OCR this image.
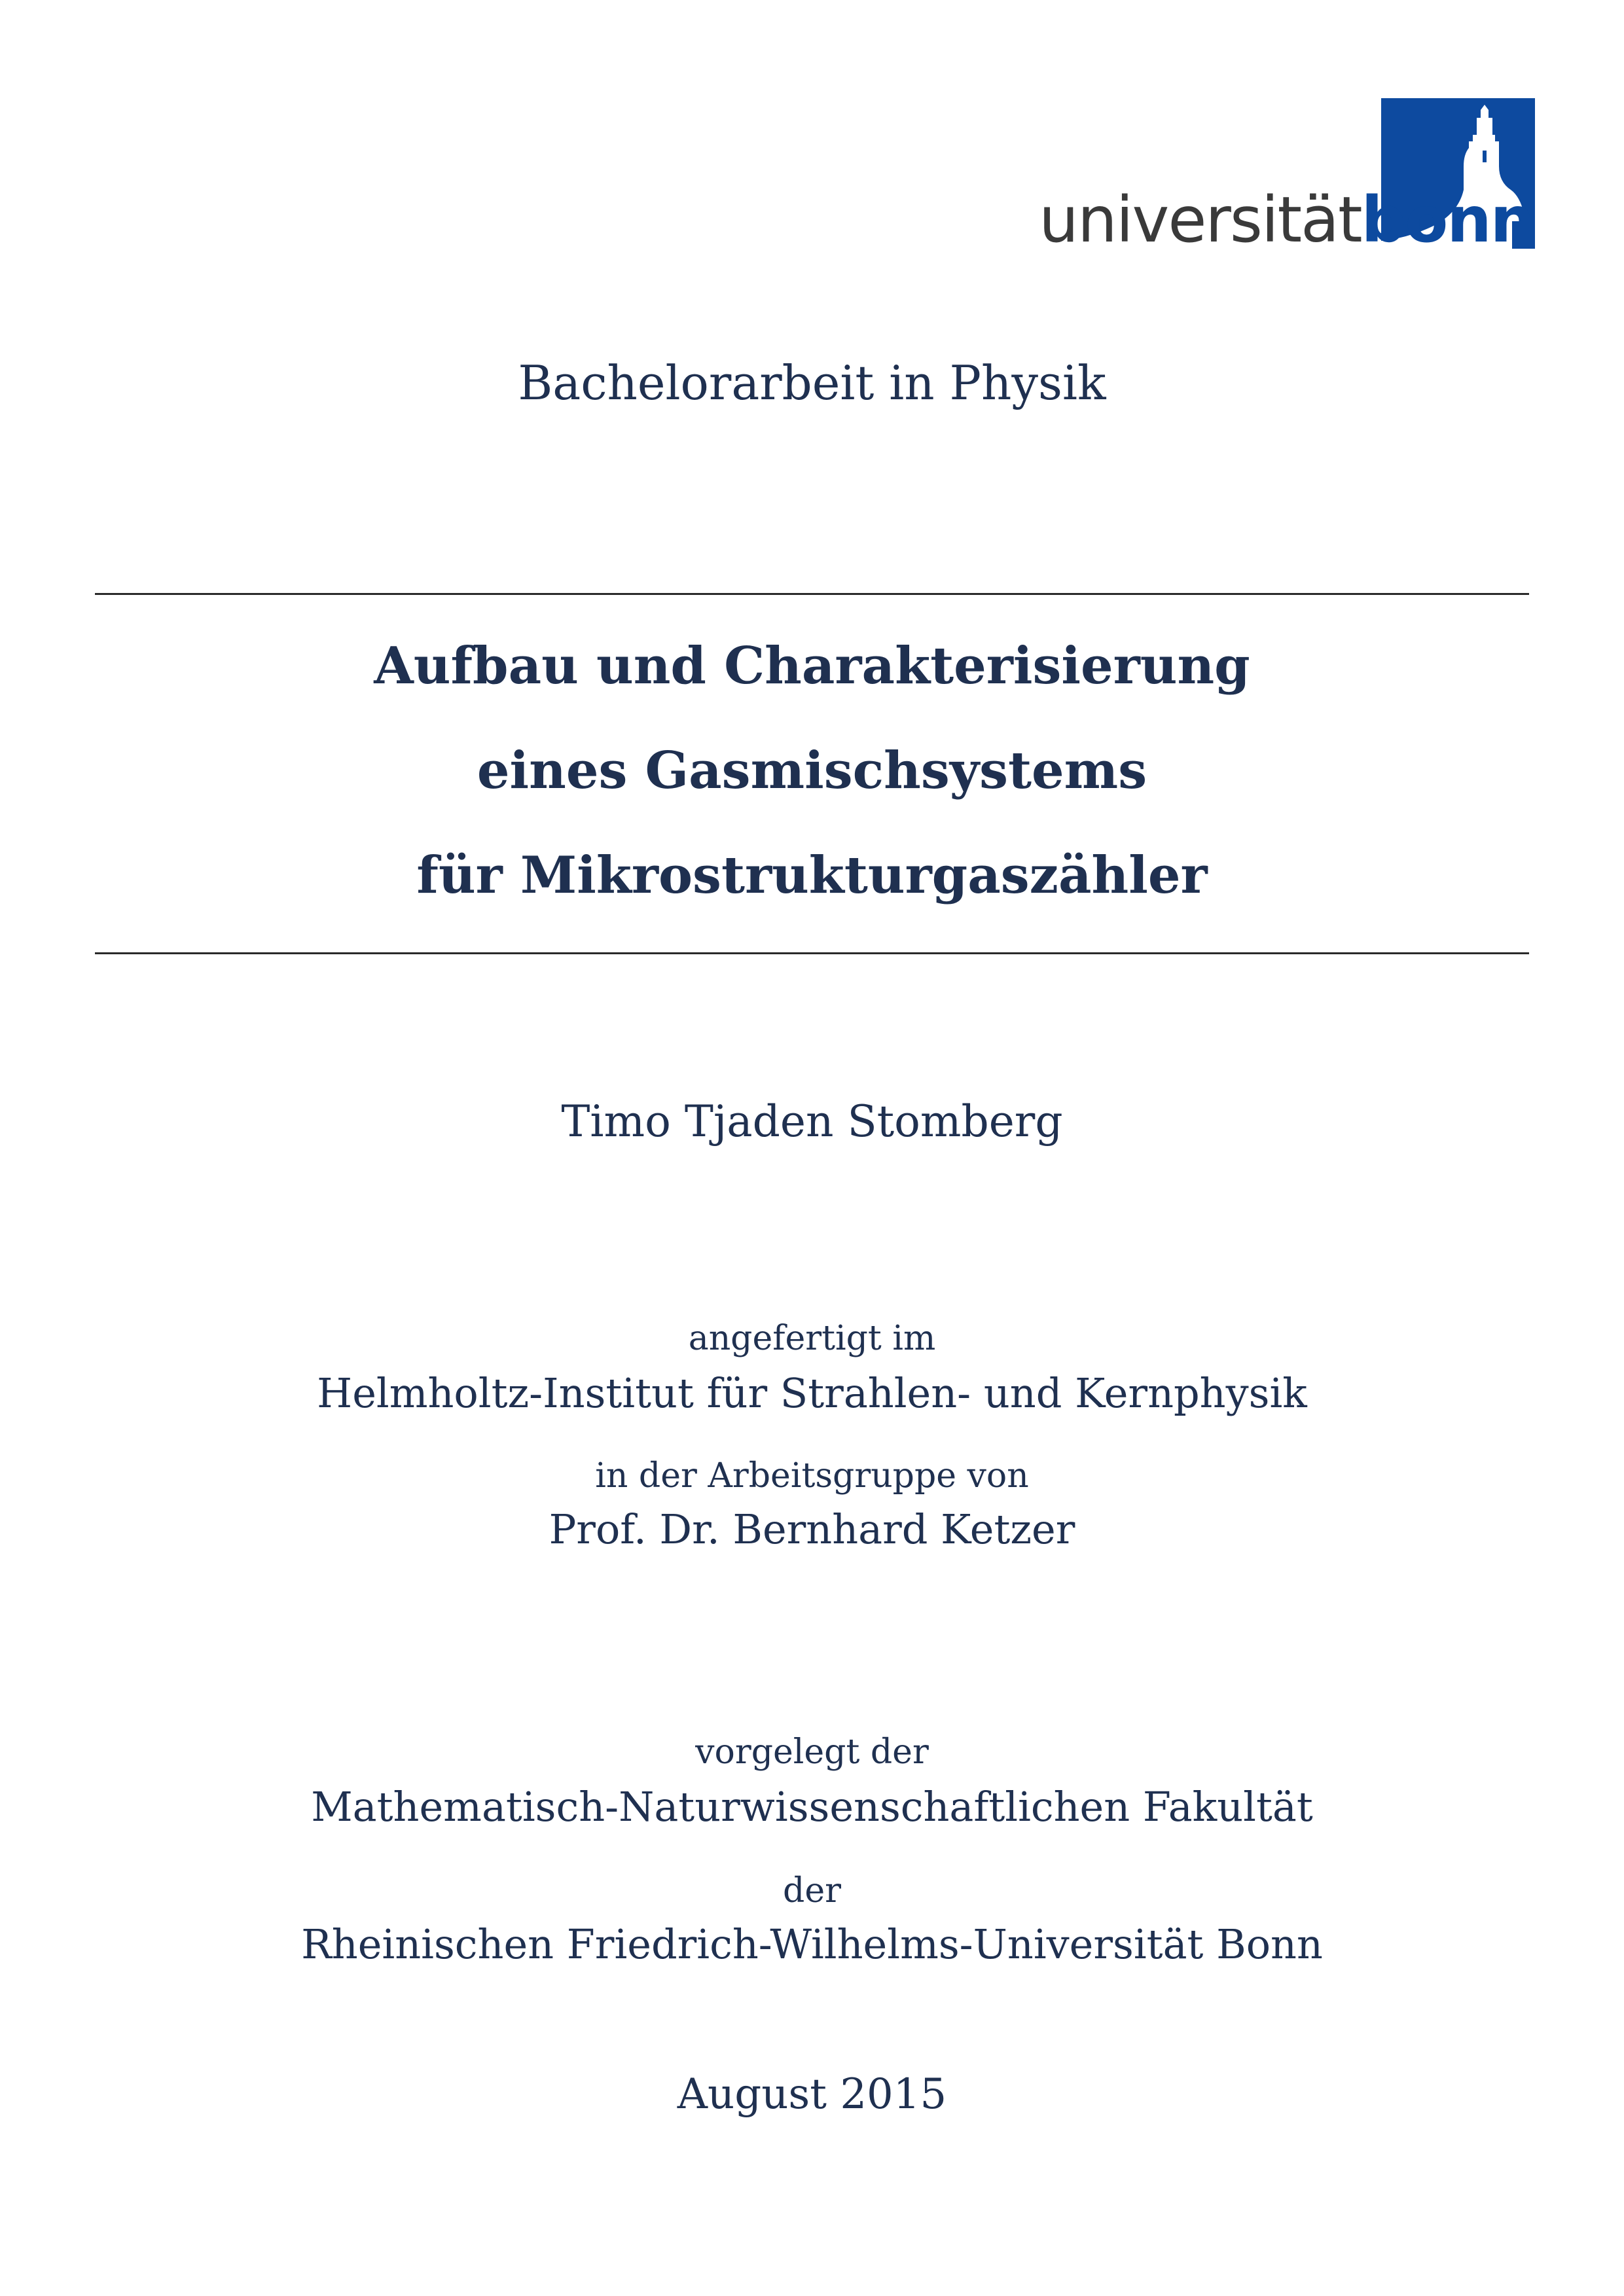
universitätbonn
Bachelorarbeit in Physik
Aufbau und Charakterisierung
eines Gasmischsystems
für Mikrostrukturgaszähler
Timo Tjaden Stomberg
angefertigt im
Helmholtz-Institut für Strahlen- und Kernphysik
in der Arbeitsgruppe von
Prof. Dr. Bernhard Ketzer
vorgelegt der
Mathematisch-Naturwissenschaftlichen Fakultät
der
Rheinischen Friedrich-Wilhelms-Universität Bonn
August 2015
